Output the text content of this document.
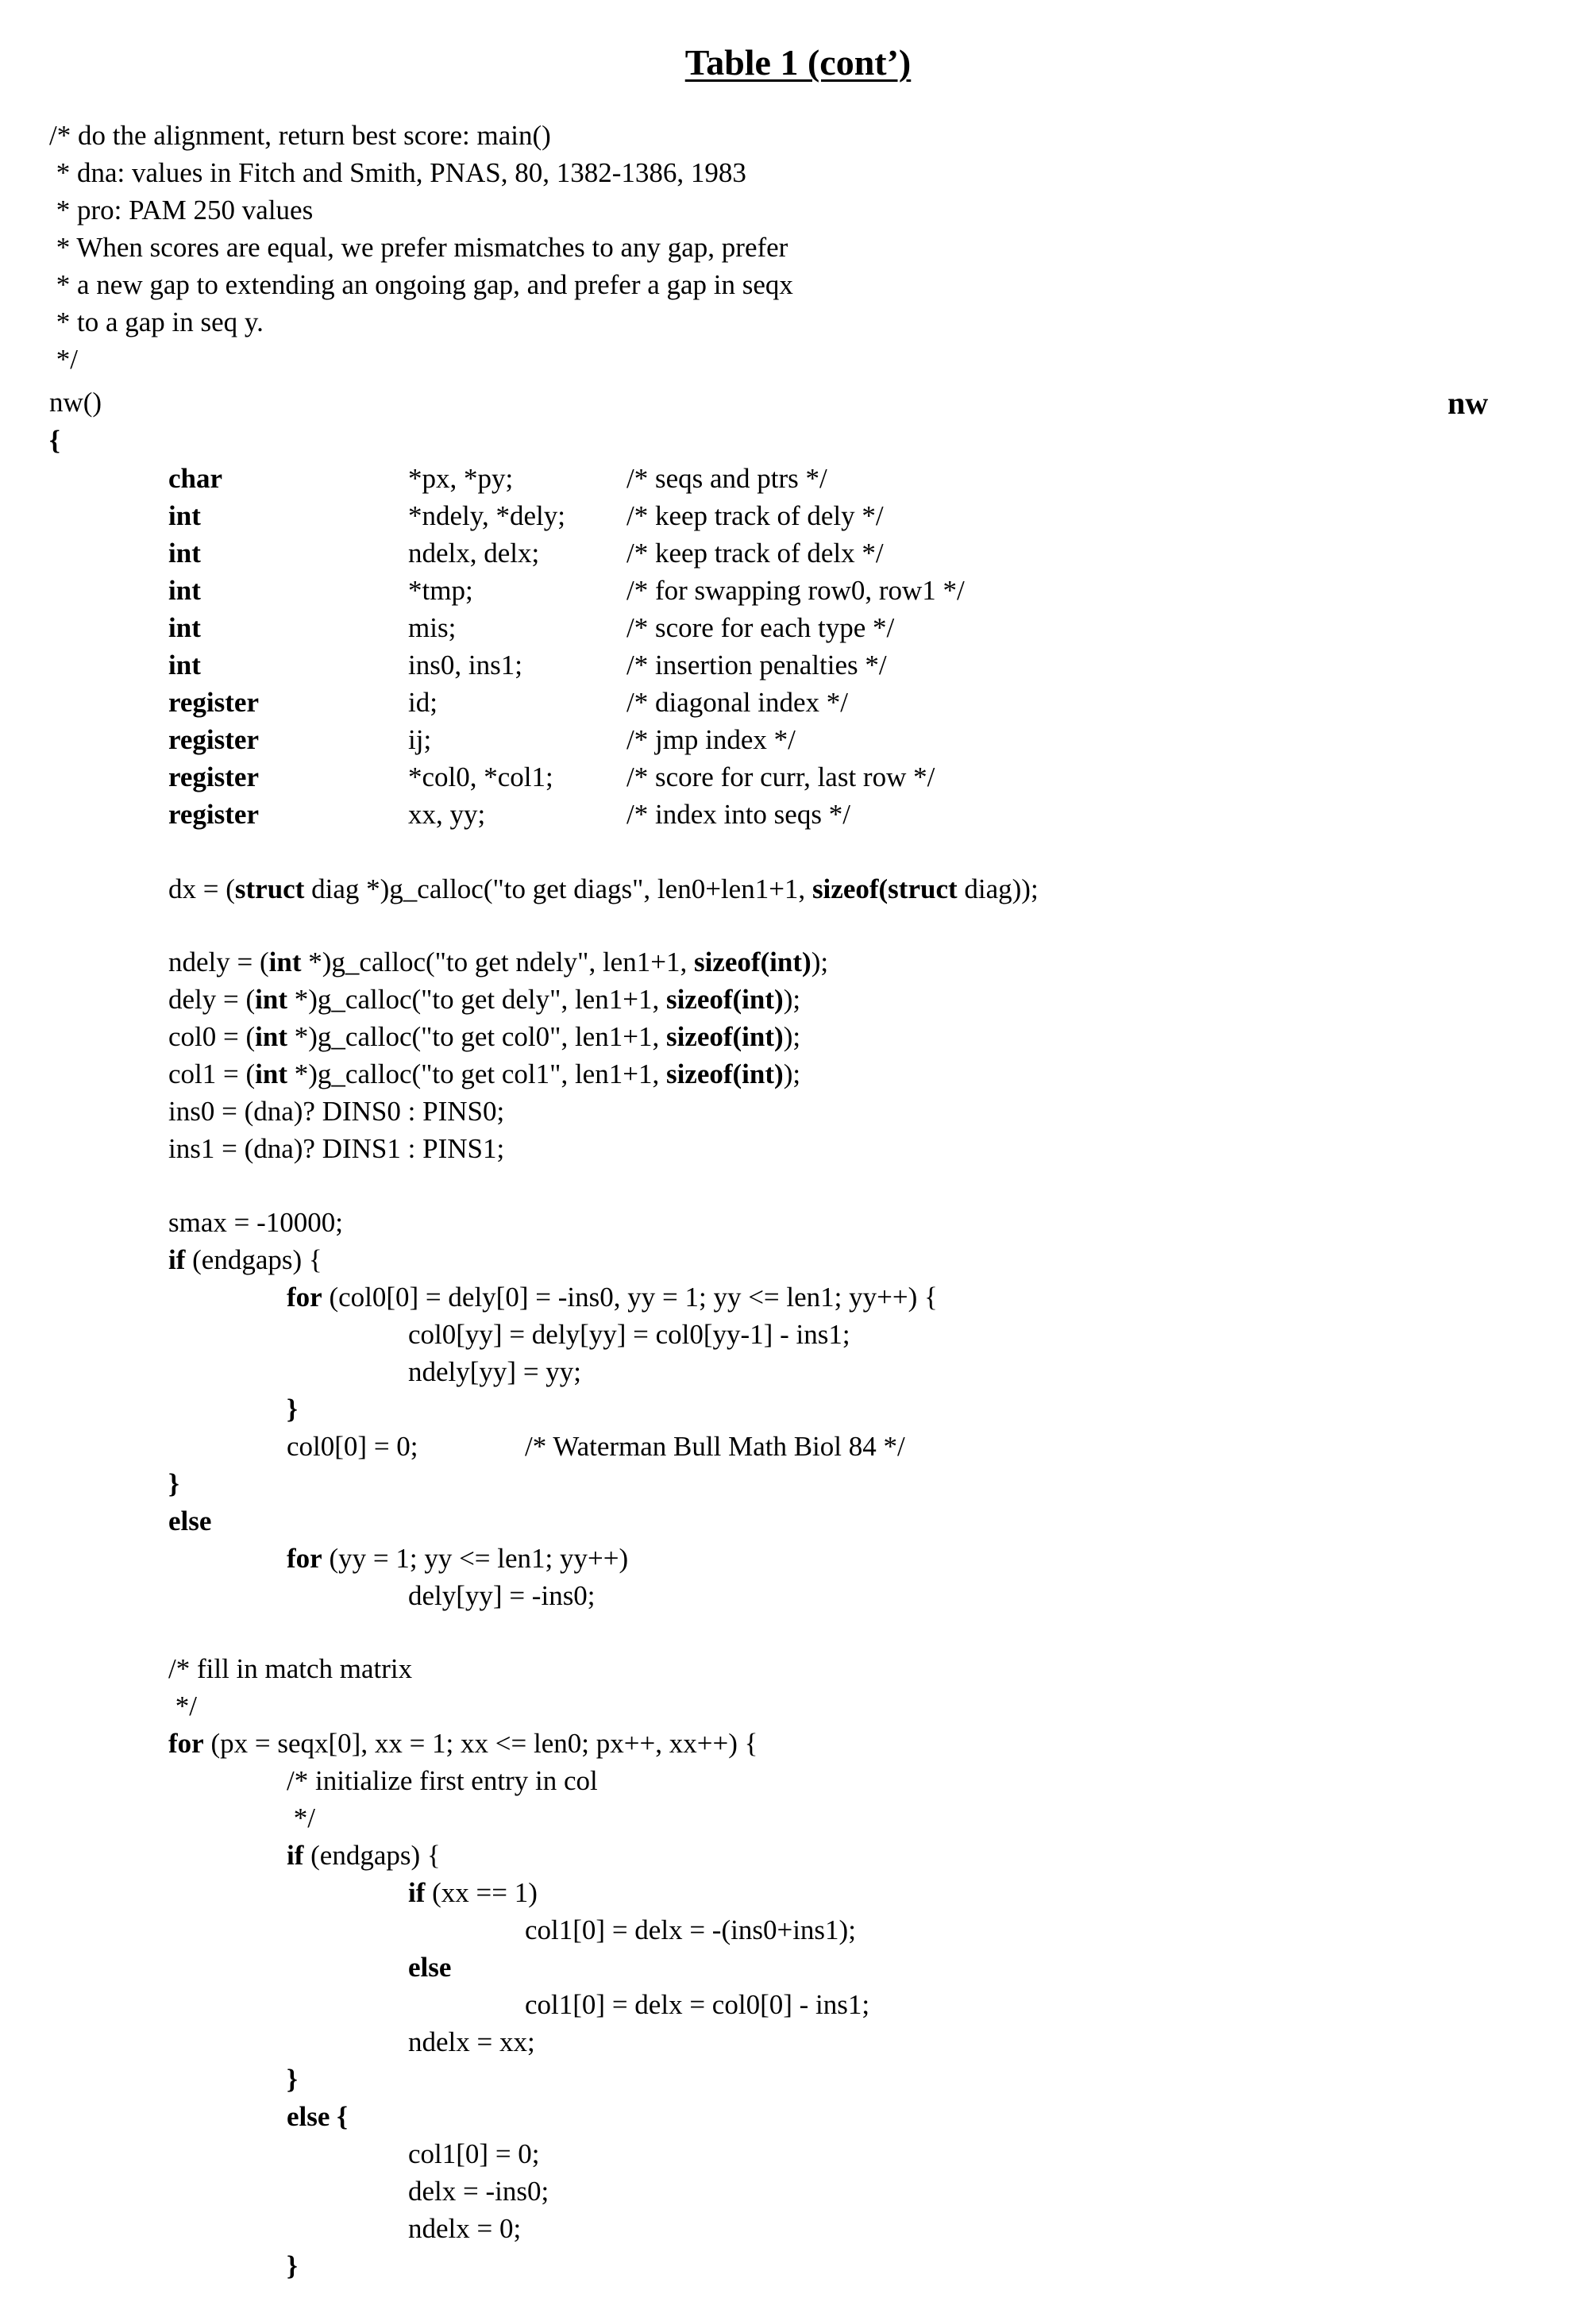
Table 1 (cont’)
nw
/* do the alignment, return best score: main()
* dna: values in Fitch and Smith, PNAS, 80, 1382-1386, 1983
* pro: PAM 250 values
* When scores are equal, we prefer mismatches to any gap, prefer
* a new gap to extending an ongoing gap, and prefer a gap in seqx
* to a gap in seq y.
*/
nw()
{
char	*px, *py;	/* seqs and ptrs */
int	*ndely, *dely; /* keep track of dely */
int	ndelx, delx;	/* keep track of delx */
int	*tmp;	/* for swapping row0, row1 */
int	mis;	/* score for each type */
int	ins0, ins1;	/* insertion penalties */
register	id;	/* diagonal index */
register	ij;	/* jmp index */
register	*col0, *col1;	/* score for curr, last row */
register	xx, yy;	/* index into seqs */
dx = (struct diag *)g_calloc("to get diags", len0+len1+1, sizeof(struct diag));
ndely = (int *)g_calloc("to get ndely", len1+1, sizeof(int));
dely = (int *)g_calloc("to get dely", len1+1, sizeof(int));
col0 = (int *)g_calloc("to get col0", len1+1, sizeof(int));
col1 = (int *)g_calloc("to get col1", len1+1, sizeof(int));
ins0 = (dna)? DINS0 : PINS0;
ins1 = (dna)? DINS1 : PINS1;
smax = -10000;
if (endgaps) {
for (col0[0] = dely[0] = -ins0, yy = 1; yy <= len1; yy++) {
col0[yy] = dely[yy] = col0[yy-1] - ins1;
ndely[yy] = yy;
}
col0[0] = 0;	/* Waterman Bull Math Biol 84 */
}
else
for (yy = 1; yy <= len1; yy++)
dely[yy] = -ins0;
/* fill in match matrix
*/
for (px = seqx[0], xx = 1; xx <= len0; px++, xx++) {
/* initialize first entry in col
*/
if (endgaps) {
if (xx == 1)
col1[0] = delx = -(ins0+ins1);
else
col1[0] = delx = col0[0] - ins1;
ndelx = xx;
}
else {
col1[0] = 0;
delx = -ins0;
ndelx = 0;
}
